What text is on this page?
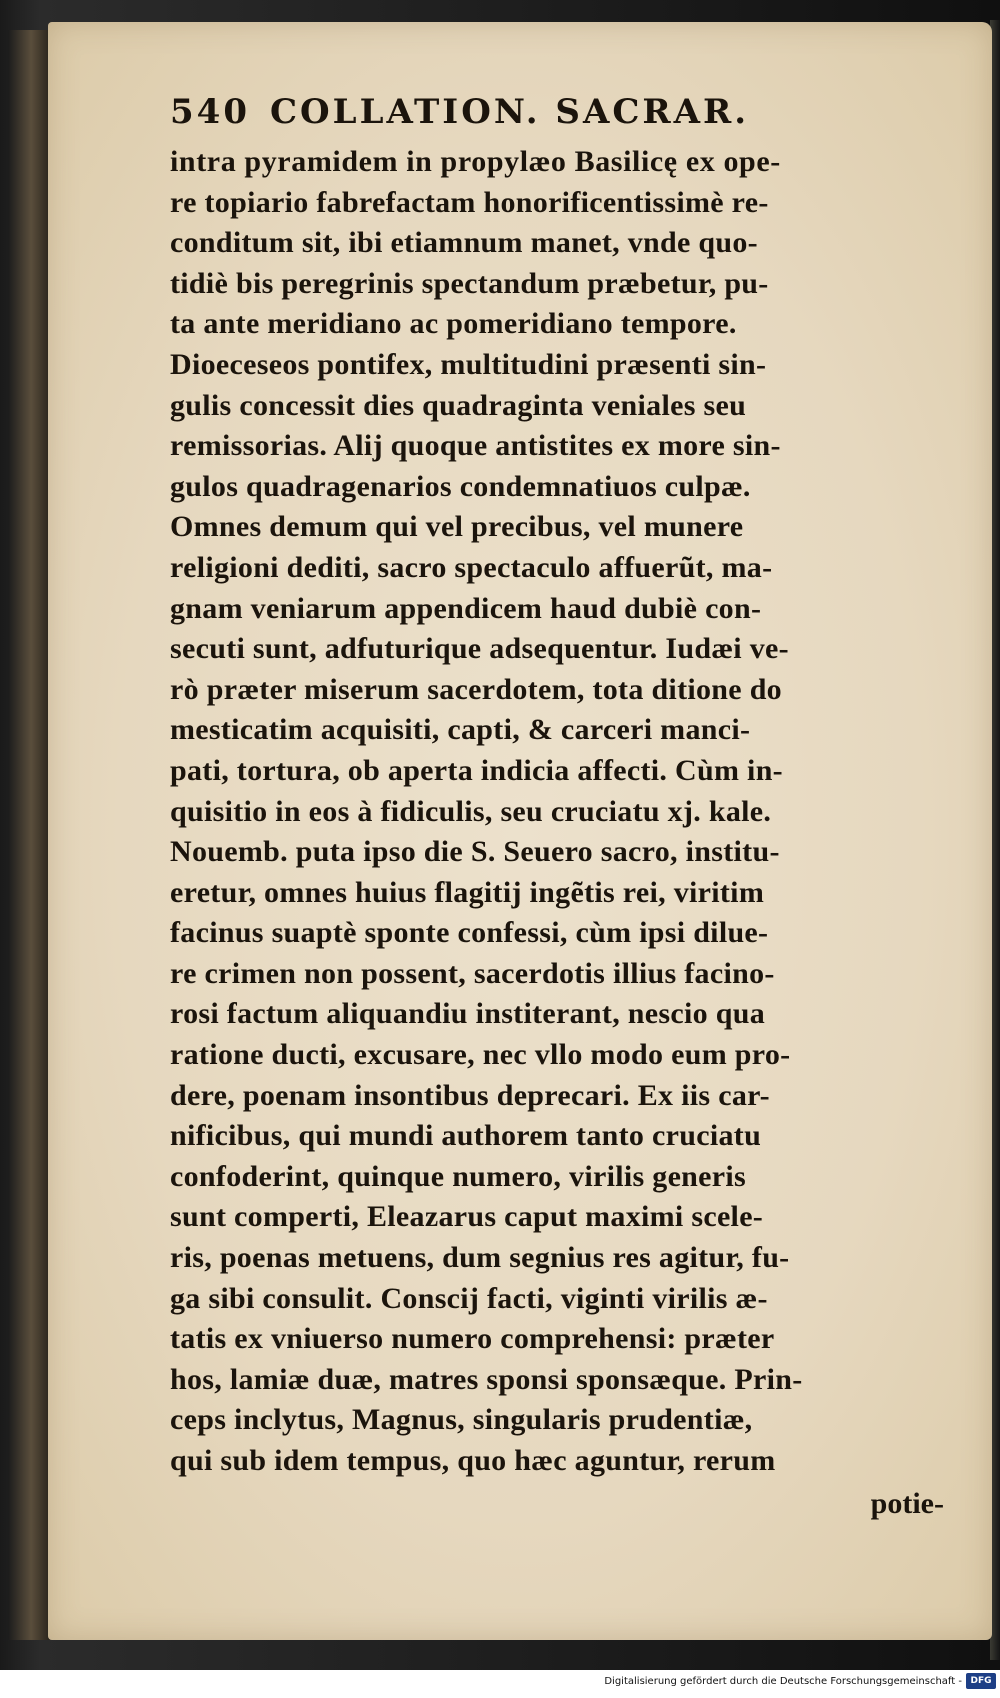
540 COLLATION. SACRAR.
intra pyramidem in propylæo Basilicę ex ope-
re topiario fabrefactam honorificentissimè re-
conditum sit, ibi etiamnum manet, vnde quo-
tidiè bis peregrinis spectandum præbetur, pu-
ta ante meridiano ac pomeridiano tempore.
Dioeceseos pontifex, multitudini præsenti sin-
gulis concessit dies quadraginta veniales seu
remissorias. Alij quoque antistites ex more sin-
gulos quadragenarios condemnatiuos culpæ.
Omnes demum qui vel precibus, vel munere
religioni dediti, sacro spectaculo affuerũt, ma-
gnam veniarum appendicem haud dubiè con-
secuti sunt, adfuturique adsequentur. Iudæi ve-
rò præter miserum sacerdotem, tota ditione do
mesticatim acquisiti, capti, & carceri manci-
pati, tortura, ob aperta indicia affecti. Cùm in-
quisitio in eos à fidiculis, seu cruciatu xj. kale.
Nouemb. puta ipso die S. Seuero sacro, institu-
eretur, omnes huius flagitij ingẽtis rei, viritim
facinus suaptè sponte confessi, cùm ipsi dilue-
re crimen non possent, sacerdotis illius facino-
rosi factum aliquandiu institerant, nescio qua
ratione ducti, excusare, nec vllo modo eum pro-
dere, poenam insontibus deprecari. Ex iis car-
nificibus, qui mundi authorem tanto cruciatu
confoderint, quinque numero, virilis generis
sunt comperti, Eleazarus caput maximi scele-
ris, poenas metuens, dum segnius res agitur, fu-
ga sibi consulit. Conscij facti, viginti virilis æ-
tatis ex vniuerso numero comprehensi: præter
hos, lamiæ duæ, matres sponsi sponsæque. Prin-
ceps inclytus, Magnus, singularis prudentiæ,
qui sub idem tempus, quo hæc aguntur, rerum
potie-
Digitalisierung gefördert durch die Deutsche Forschungsgemeinschaft - DFG
